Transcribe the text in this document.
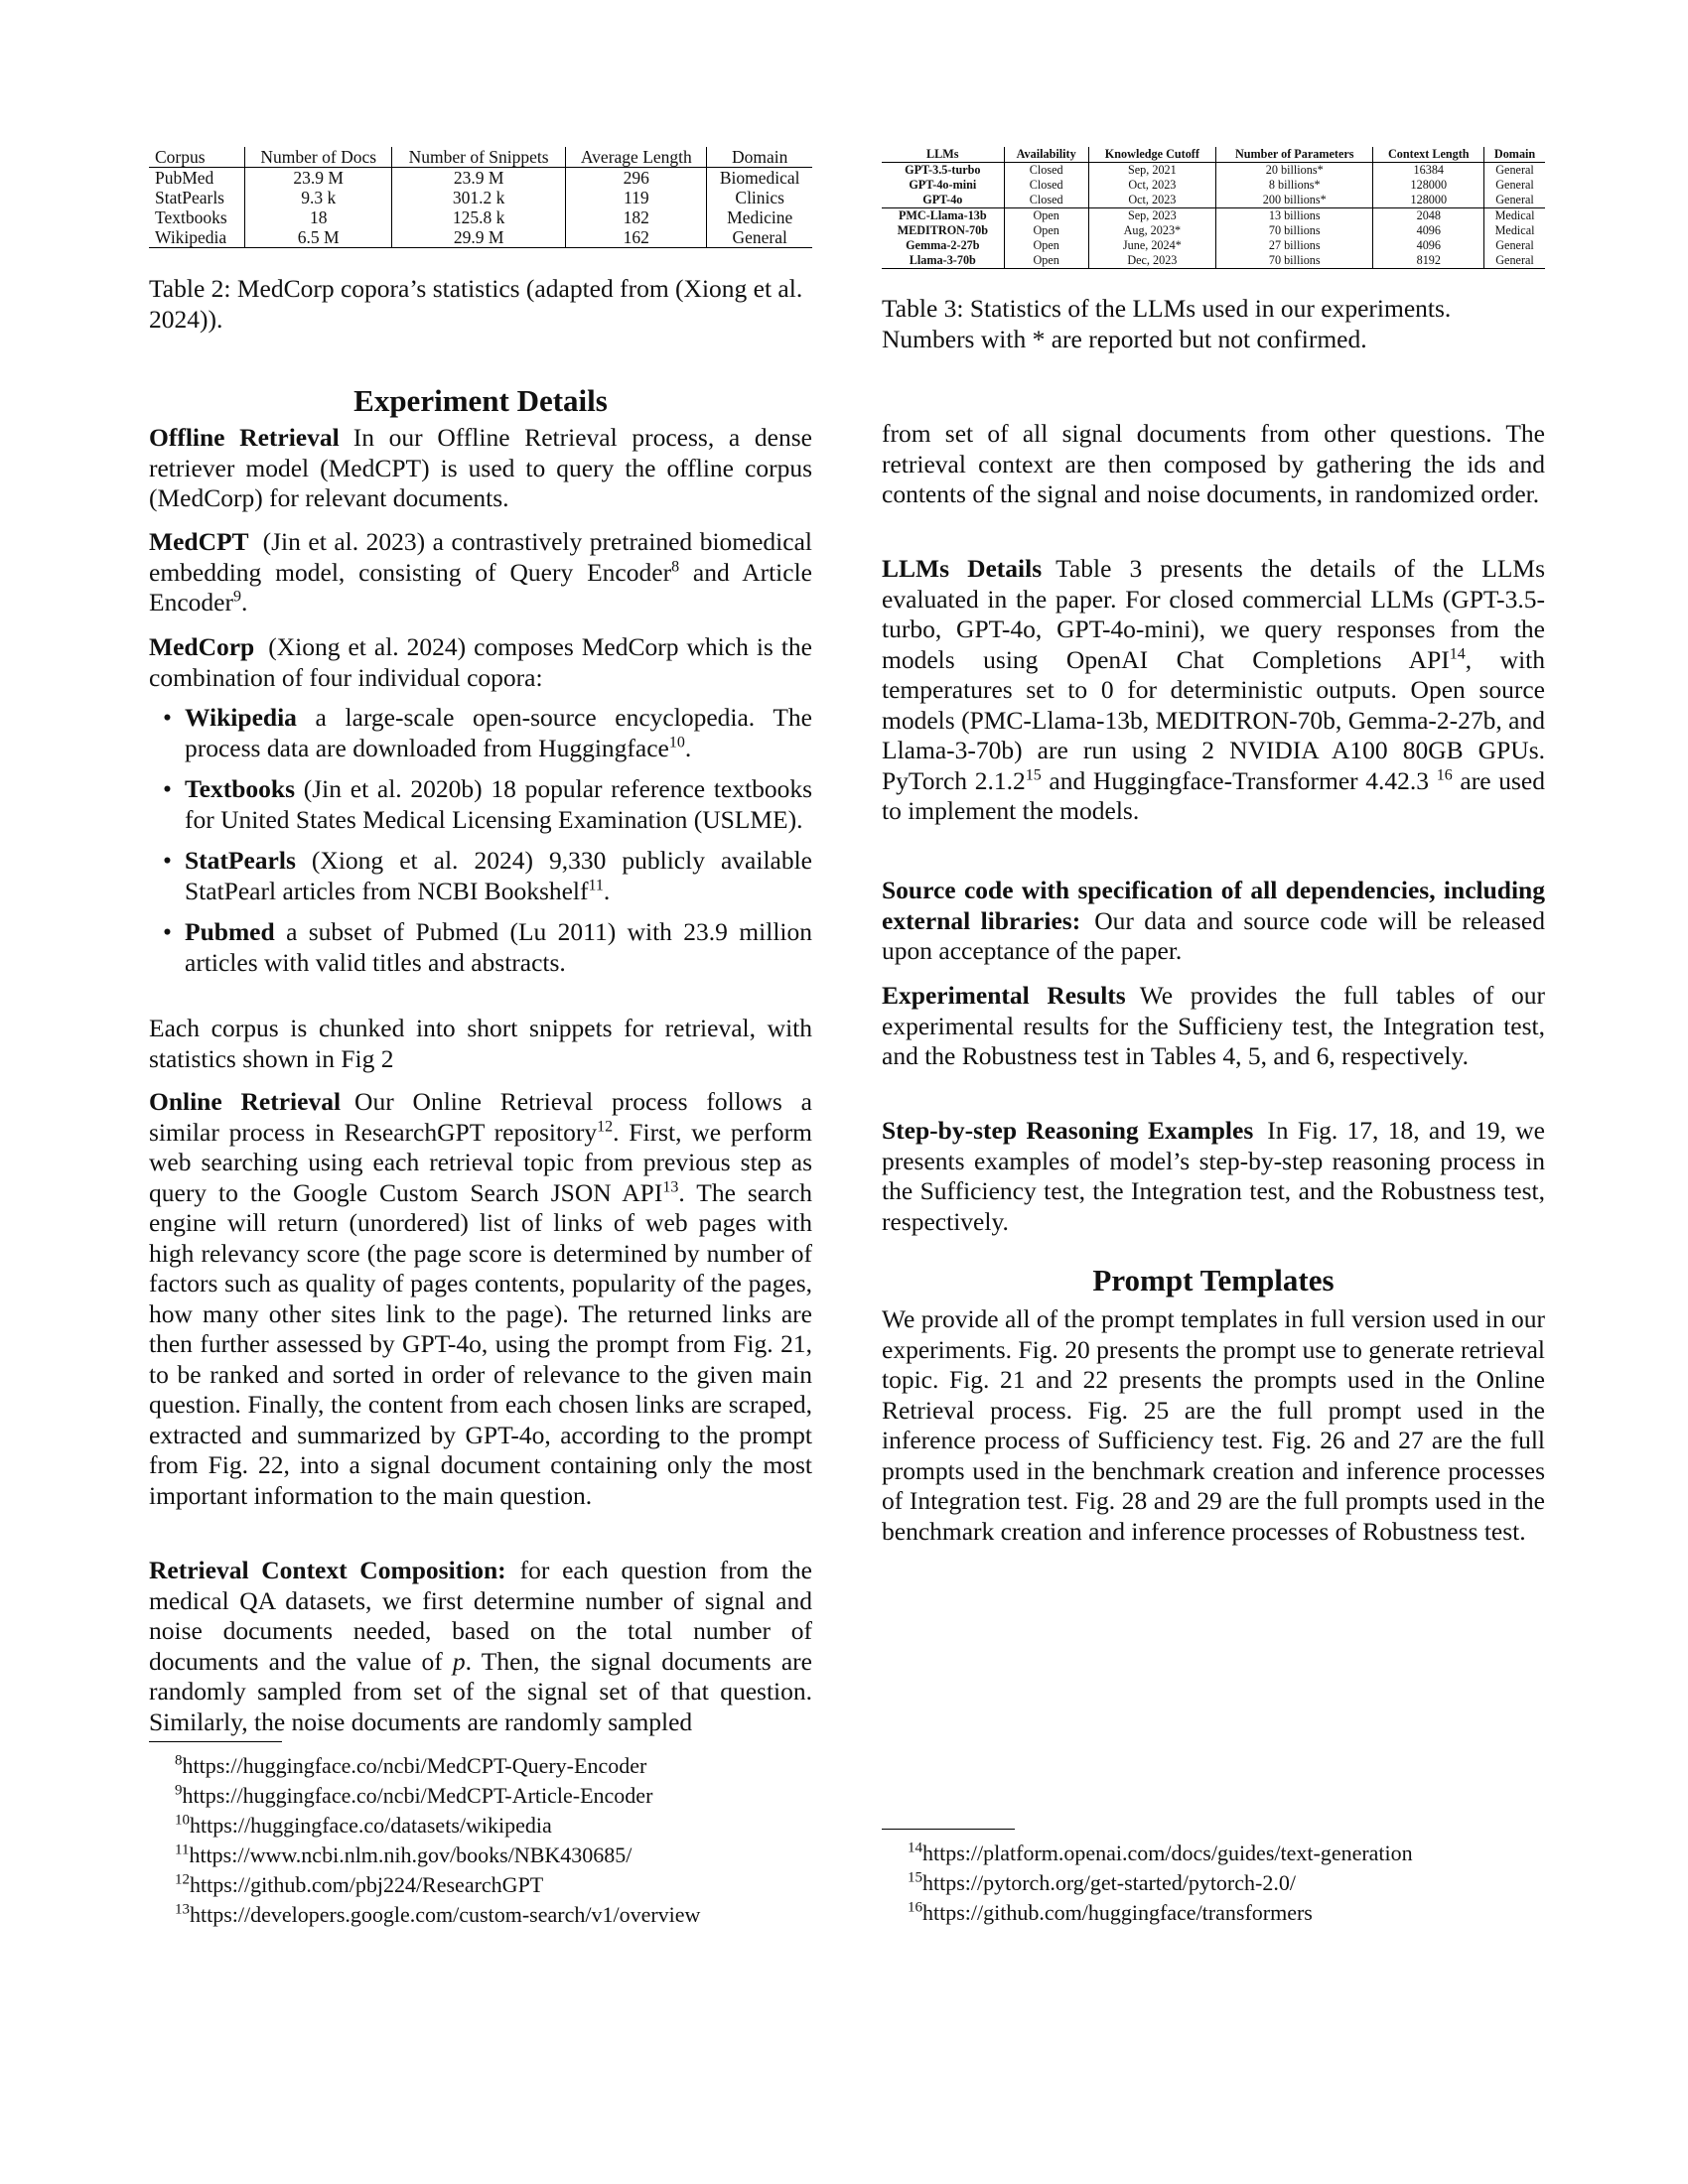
Corpus	Number of Docs	Number of Snippets	Average Length	Domain
PubMed	23.9 M	23.9 M	296	Biomedical
StatPearls	9.3 k	301.2 k	119	Clinics
Textbooks	18	125.8 k	182	Medicine
Wikipedia	6.5 M	29.9 M	162	General
Table 2: MedCorp copora’s statistics (adapted from (Xiong et al. 2024)).
Experiment Details

Offline Retrieval In our Offline Retrieval process, a dense retriever model (MedCPT) is used to query the offline corpus (MedCorp) for relevant documents.

MedCPT (Jin et al. 2023) a contrastively pretrained biomedical embedding model, consisting of Query Encoder$^8$ and Article Encoder$^9$.

MedCorp (Xiong et al. 2024) composes MedCorp which is the combination of four individual copora:

• Wikipedia a large-scale open-source encyclopedia. The process data are downloaded from Huggingface$^{10}$.
• Textbooks (Jin et al. 2020b) 18 popular reference textbooks for United States Medical Licensing Examination (USLME).
• StatPearls (Xiong et al. 2024) 9,330 publicly available StatPearl articles from NCBI Bookshelf$^{11}$.
• Pubmed a subset of Pubmed (Lu 2011) with 23.9 million articles with valid titles and abstracts.

Each corpus is chunked into short snippets for retrieval, with statistics shown in Fig 2

Online Retrieval Our Online Retrieval process follows a similar process in ResearchGPT repository$^{12}$. First, we perform web searching using each retrieval topic from previous step as query to the Google Custom Search JSON API$^{13}$. The search engine will return (unordered) list of links of web pages with high relevancy score (the page score is determined by number of factors such as quality of pages contents, popularity of the pages, how many other sites link to the page). The returned links are then further assessed by GPT-4o, using the prompt from Fig. 21, to be ranked and sorted in order of relevance to the given main question. Finally, the content from each chosen links are scraped, extracted and summarized by GPT-4o, according to the prompt from Fig. 22, into a signal document containing only the most important information to the main question.

Retrieval Context Composition: for each question from the medical QA datasets, we first determine number of signal and noise documents needed, based on the total number of documents and the value of p. Then, the signal documents are randomly sampled from set of the signal set of that question. Similarly, the noise documents are randomly sampled

$^8$https://huggingface.co/ncbi/MedCPT-Query-Encoder
$^9$https://huggingface.co/ncbi/MedCPT-Article-Encoder
$^{10}$https://huggingface.co/datasets/wikipedia
$^{11}$https://www.ncbi.nlm.nih.gov/books/NBK430685/
$^{12}$https://github.com/pbj224/ResearchGPT
$^{13}$https://developers.google.com/custom-search/v1/overview
LLMs	Availability	Knowledge Cutoff	Number of Parameters	Context Length	Domain
GPT-3.5-turbo	Closed	Sep, 2021	20 billions*	16384	General
GPT-4o-mini	Closed	Oct, 2023	8 billions*	128000	General
GPT-4o	Closed	Oct, 2023	200 billions*	128000	General
PMC-Llama-13b	Open	Sep, 2023	13 billions	2048	Medical
MEDITRON-70b	Open	Aug, 2023*	70 billions	4096	Medical
Gemma-2-27b	Open	June, 2024*	27 billions	4096	General
Llama-3-70b	Open	Dec, 2023	70 billions	8192	General
Table 3: Statistics of the LLMs used in our experiments. Numbers with * are reported but not confirmed.

from set of all signal documents from other questions. The retrieval context are then composed by gathering the ids and contents of the signal and noise documents, in randomized order.

LLMs Details Table 3 presents the details of the LLMs evaluated in the paper. For closed commercial LLMs (GPT-3.5-turbo, GPT-4o, GPT-4o-mini), we query responses from the models using OpenAI Chat Completions API$^{14}$, with temperatures set to 0 for deterministic outputs. Open source models (PMC-Llama-13b, MEDITRON-70b, Gemma-2-27b, and Llama-3-70b) are run using 2 NVIDIA A100 80GB GPUs. PyTorch 2.1.2$^{15}$ and Huggingface-Transformer 4.42.3 $^{16}$ are used to implement the models.

Source code with specification of all dependencies, including external libraries: Our data and source code will be released upon acceptance of the paper.

Experimental Results We provides the full tables of our experimental results for the Sufficieny test, the Integration test, and the Robustness test in Tables 4, 5, and 6, respectively.

Step-by-step Reasoning Examples In Fig. 17, 18, and 19, we presents examples of model’s step-by-step reasoning process in the Sufficiency test, the Integration test, and the Robustness test, respectively.

Prompt Templates

We provide all of the prompt templates in full version used in our experiments. Fig. 20 presents the prompt use to generate retrieval topic. Fig. 21 and 22 presents the prompts used in the Online Retrieval process. Fig. 25 are the full prompt used in the inference process of Sufficiency test. Fig. 26 and 27 are the full prompts used in the benchmark creation and inference processes of Integration test. Fig. 28 and 29 are the full prompts used in the benchmark creation and inference processes of Robustness test.

$^{14}$https://platform.openai.com/docs/guides/text-generation
$^{15}$https://pytorch.org/get-started/pytorch-2.0/
$^{16}$https://github.com/huggingface/transformers
